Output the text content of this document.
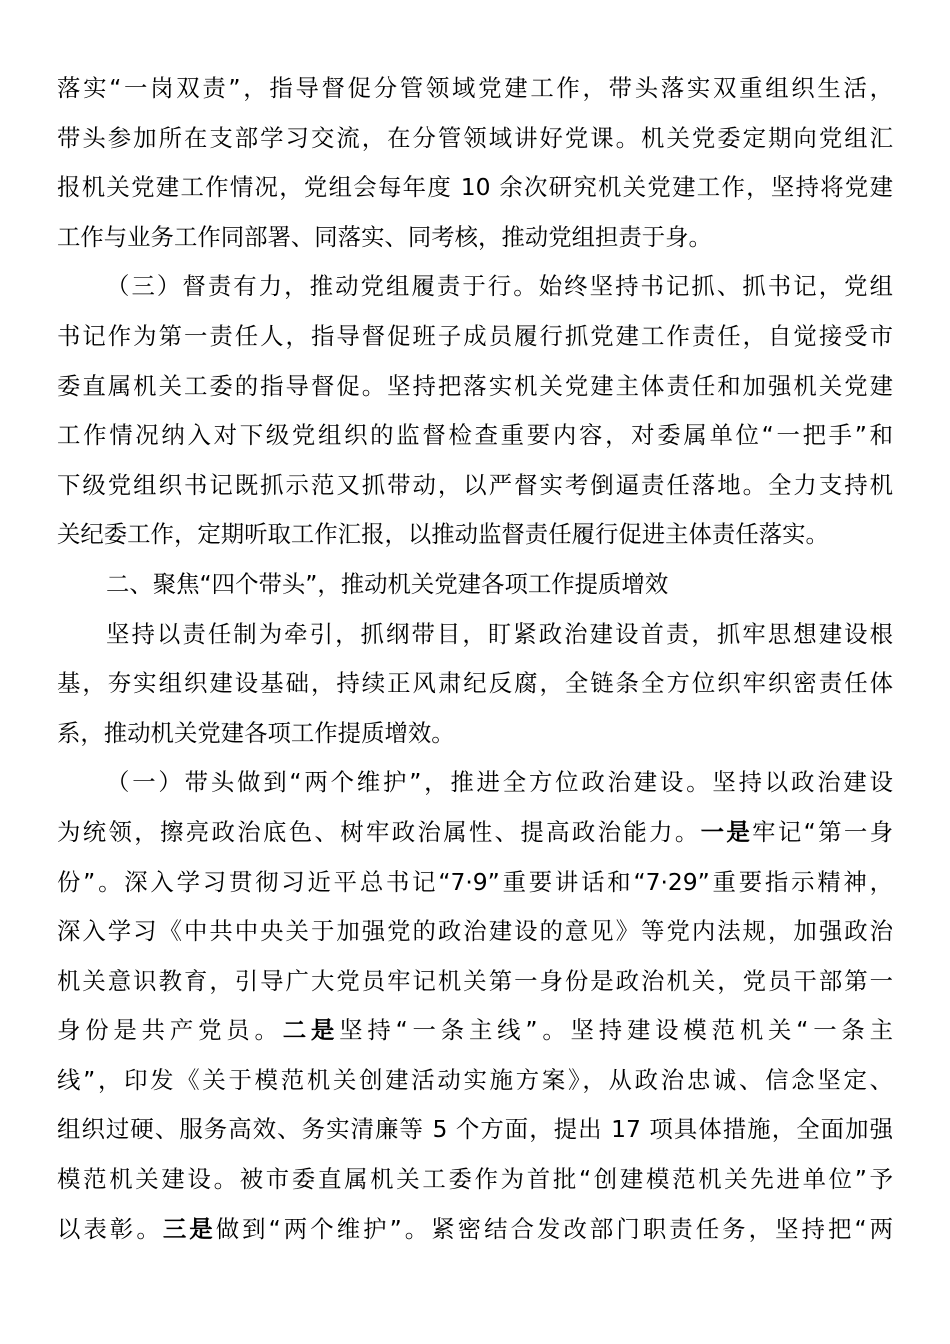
落实“一岗双责”，指导督促分管领域党建工作，带头落实双重组织生活，
带头参加所在支部学习交流，在分管领域讲好党课。机关党委定期向党组汇
报机关党建工作情况，党组会每年度 10 余次研究机关党建工作，坚持将党建
工作与业务工作同部署、同落实、同考核，推动党组担责于身。
（三）督责有力，推动党组履责于行。始终坚持书记抓、抓书记，党组
书记作为第一责任人，指导督促班子成员履行抓党建工作责任，自觉接受市
委直属机关工委的指导督促。坚持把落实机关党建主体责任和加强机关党建
工作情况纳入对下级党组织的监督检查重要内容，对委属单位“一把手”和
下级党组织书记既抓示范又抓带动，以严督实考倒逼责任落地。全力支持机
关纪委工作，定期听取工作汇报，以推动监督责任履行促进主体责任落实。
二、聚焦“四个带头”，推动机关党建各项工作提质增效
坚持以责任制为牵引，抓纲带目，盯紧政治建设首责，抓牢思想建设根
基，夯实组织建设基础，持续正风肃纪反腐，全链条全方位织牢织密责任体
系，推动机关党建各项工作提质增效。
（一）带头做到“两个维护”，推进全方位政治建设。坚持以政治建设
为统领，擦亮政治底色、树牢政治属性、提高政治能力。一是牢记“第一身
份”。深入学习贯彻习近平总书记“7·9”重要讲话和“7·29”重要指示精神，
深入学习《中共中央关于加强党的政治建设的意见》等党内法规，加强政治
机关意识教育，引导广大党员牢记机关第一身份是政治机关，党员干部第一
身份是共产党员。二是坚持“一条主线”。坚持建设模范机关“一条主
线”，印发《关于模范机关创建活动实施方案》，从政治忠诚、信念坚定、
组织过硬、服务高效、务实清廉等 5 个方面，提出 17 项具体措施，全面加强
模范机关建设。被市委直属机关工委作为首批“创建模范机关先进单位”予
以表彰。三是做到“两个维护”。紧密结合发改部门职责任务，坚持把“两
